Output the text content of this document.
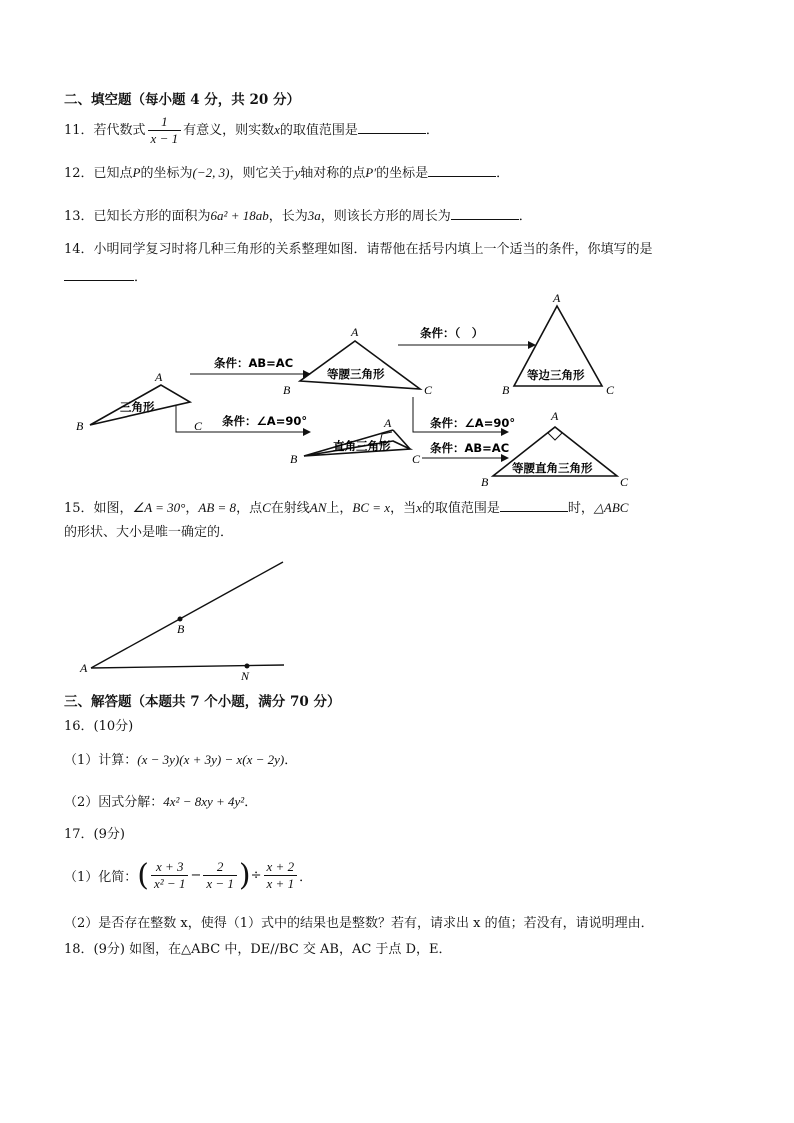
二、填空题（每小题 4 分，共 20 分）
11．若代数式 $\frac{1}{x - 1}$ 有意义，则实数x的取值范围是	．
12．已知点P的坐标为(−2, 3)，则它关于y轴对称的点P′的坐标是	．
13．已知长方形的面积为6a² + 18ab，长为3a，则该长方形的周长为	．
14．小明同学复习时将几种三角形的关系整理如图．请帮他在括号内填上一个适当的条件，你填写的是
．
A
B	C
三角形
条件：AB=AC
A
B	C
等腰三角形
条件：（　）
A
B	C
等边三角形
条件：∠A=90°
条件：∠A=90°	A
B	C
直角三角形	条件：AB=AC
A
B	C
等腰直角三角形
15．如图，∠A = 30°，AB = 8，点C在射线AN上，BC = x，当x的取值范围是	时，△ABC
的形状、大小是唯一确定的．
A
B
N
三、解答题（本题共 7 个小题，满分 70 分）
16．(10分)
（1）计算：(x − 3y)(x + 3y) − x(x − 2y)．
（2）因式分解：4x² − 8xy + 4y²．
17．(9分)
（1）化简：( $\frac{x + 3}{\text{x² − 1}} - \frac{2}{x - 1}$ )÷ $\frac{x + 2}{x + 1}$ ．
（2）是否存在整数 x，使得（1）式中的结果也是整数？若有，请求出 x 的值；若没有，请说明理由．
18．(9分) 如图，在△ABC 中，DE//BC 交 AB，AC 于点 D，E．
